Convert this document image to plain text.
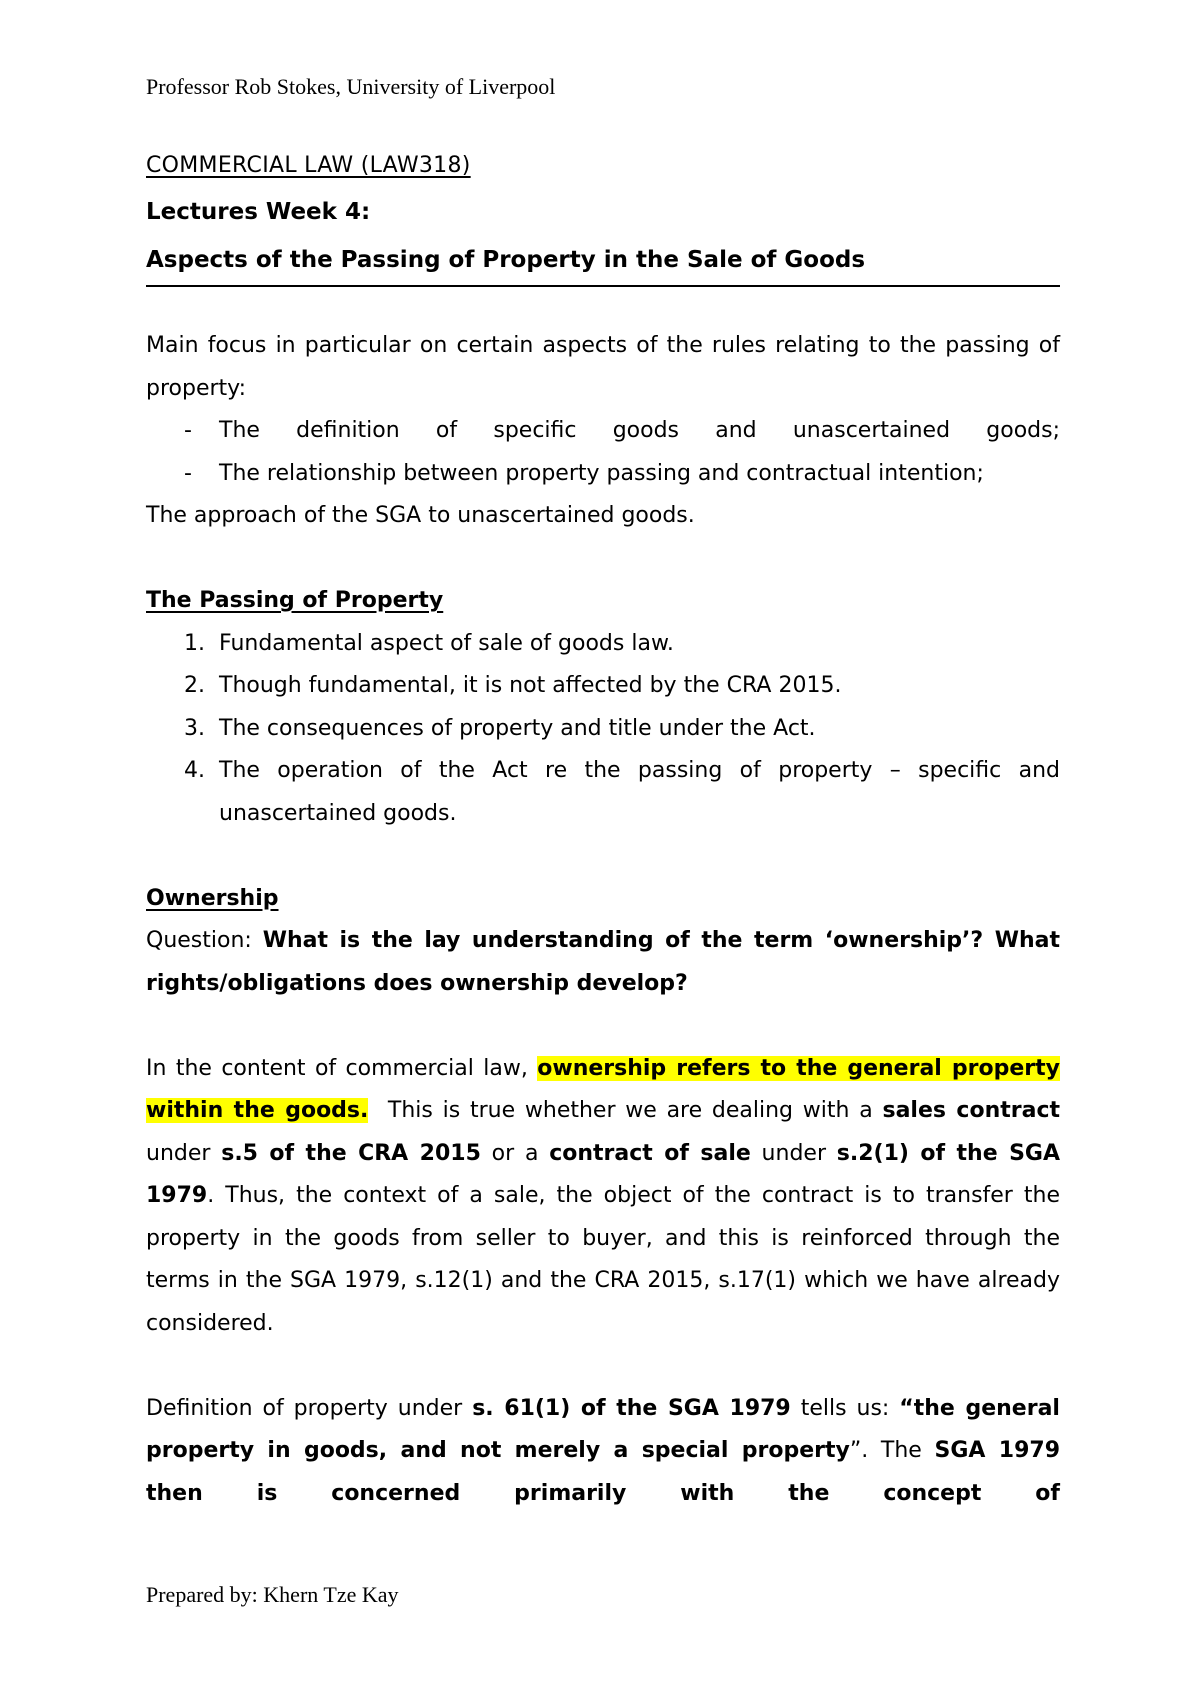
Professor Rob Stokes, University of Liverpool
COMMERCIAL LAW (LAW318)
Lectures Week 4:
Aspects of the Passing of Property in the Sale of Goods

Main focus in particular on certain aspects of the rules relating to the passing of property:

- The definition of specific goods and unascertained goods;
- The relationship between property passing and contractual intention;

The approach of the SGA to unascertained goods.

The Passing of Property

1. Fundamental aspect of sale of goods law.
2. Though fundamental, it is not affected by the CRA 2015.
3. The consequences of property and title under the Act.
4. The operation of the Act re the passing of property – specific and unascertained goods.

Ownership

Question: What is the lay understanding of the term ‘ownership’? What rights/obligations does ownership develop?

In the content of commercial law, ownership refers to the general property within the goods.  This is true whether we are dealing with a sales contract under s.5 of the CRA 2015 or a contract of sale under s.2(1) of the SGA 1979. Thus, the context of a sale, the object of the contract is to transfer the property in the goods from seller to buyer, and this is reinforced through the terms in the SGA 1979, s.12(1) and the CRA 2015, s.17(1) which we have already considered.

Definition of property under s. 61(1) of the SGA 1979 tells us: “the general property in goods, and not merely a special property”. The SGA 1979 then is concerned primarily with the concept of

Prepared by: Khern Tze Kay
